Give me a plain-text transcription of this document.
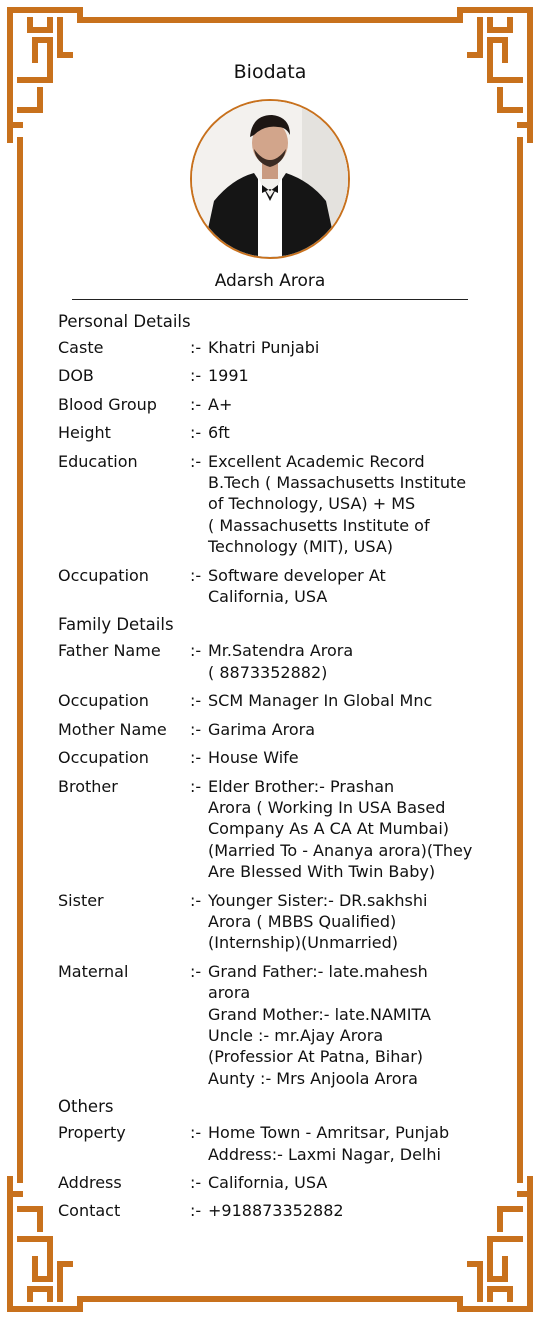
Biodata
Adarsh Arora
Personal Details
Caste	:- Khatri Punjabi
DOB	:- 1991
Blood Group	:- A+
Height	:- 6ft
Education	:- Excellent Academic Record
B.Tech ( Massachusetts Institute
of Technology, USA) + MS
( Massachusetts Institute of
Technology (MIT), USA)
Occupation	:- Software developer At
California, USA
Family Details
Father Name	:- Mr.Satendra Arora
( 8873352882)
Occupation	:- SCM Manager In Global Mnc
Mother Name	:- Garima Arora
Occupation	:- House Wife
Brother	:- Elder Brother:- Prashan
Arora ( Working In USA Based
Company As A CA At Mumbai)
(Married To - Ananya arora)(They
Are Blessed With Twin Baby)
Sister	:- Younger Sister:- DR.sakhshi
Arora ( MBBS Qualified)
(Internship)(Unmarried)
Maternal	:- Grand Father:- late.mahesh
arora
Grand Mother:- late.NAMITA
Uncle :- mr.Ajay Arora
(Professior At Patna, Bihar)
Aunty :- Mrs Anjoola Arora
Others
Property	:- Home Town - Amritsar, Punjab
Address:- Laxmi Nagar, Delhi
Address	:- California, USA
Contact	:- +918873352882
